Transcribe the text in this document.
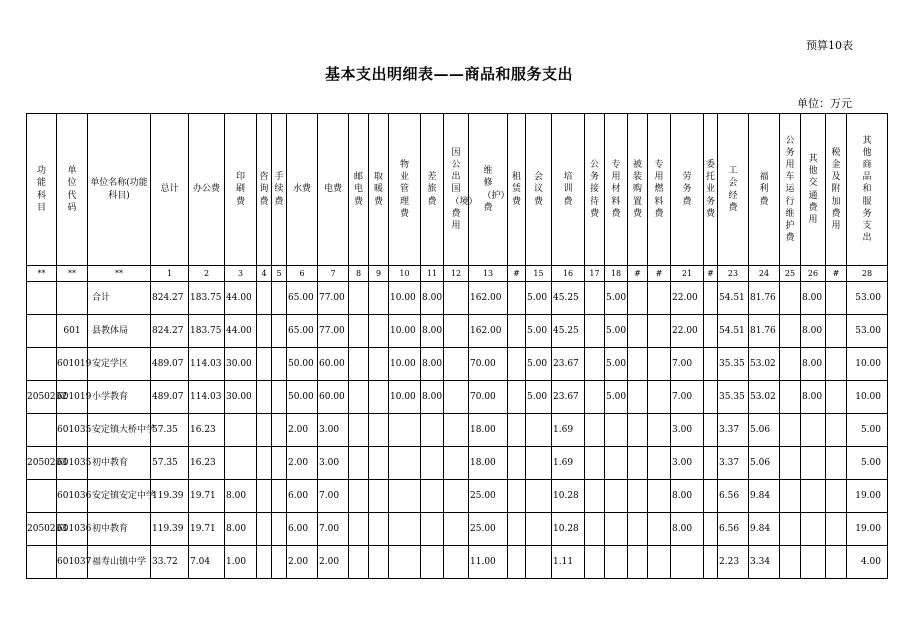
预算10表
基本支出明细表——商品和服务支出
单位：万元
功能科目	单位代码	单位名称(功能科目)	总计	办公费	印刷费	咨询费	手续费	水费	电费	邮电费	取暖费	物业管理费	差旅费	因公出国（境）费用	维修（护）费	租赁费	会议费	培训费	公务接待费	专用材料费	被装购置费	专用燃料费	劳务费	委托业务费	工会经费	福利费	公务用车运行维护费	其他交通费用	税金及附加费用	其他商品和服务支出
**	**	**	1	2	3	4	5	6	7	8	9	10	11	12	13	#	15	16	17	18	#	#	21	#	23	24	25	26	#	28
		合计	824.27	183.75	44.00			65.00	77.00			10.00	8.00		162.00		5.00	45.25		5.00			22.00		54.51	81.76		8.00		53.00
	601	县教体局	824.27	183.75	44.00			65.00	77.00			10.00	8.00		162.00		5.00	45.25		5.00			22.00		54.51	81.76		8.00		53.00
	601019	安定学区	489.07	114.03	30.00			50.00	60.00			10.00	8.00		70.00		5.00	23.67		5.00			7.00		35.35	53.02		8.00		10.00
2050202	601019	小学教育	489.07	114.03	30.00			50.00	60.00			10.00	8.00		70.00		5.00	23.67		5.00			7.00		35.35	53.02		8.00		10.00
	601035	安定镇大桥中学	57.35	16.23				2.00	3.00						18.00			1.69					3.00		3.37	5.06				5.00
2050203	601035	初中教育	57.35	16.23				2.00	3.00						18.00			1.69					3.00		3.37	5.06				5.00
	601036	安定镇安定中学	119.39	19.71	8.00			6.00	7.00						25.00			10.28					8.00		6.56	9.84				19.00
2050203	601036	初中教育	119.39	19.71	8.00			6.00	7.00						25.00			10.28					8.00		6.56	9.84				19.00
	601037	福寿山镇中学	33.72	7.04	1.00			2.00	2.00						11.00			1.11							2.23	3.34				4.00
